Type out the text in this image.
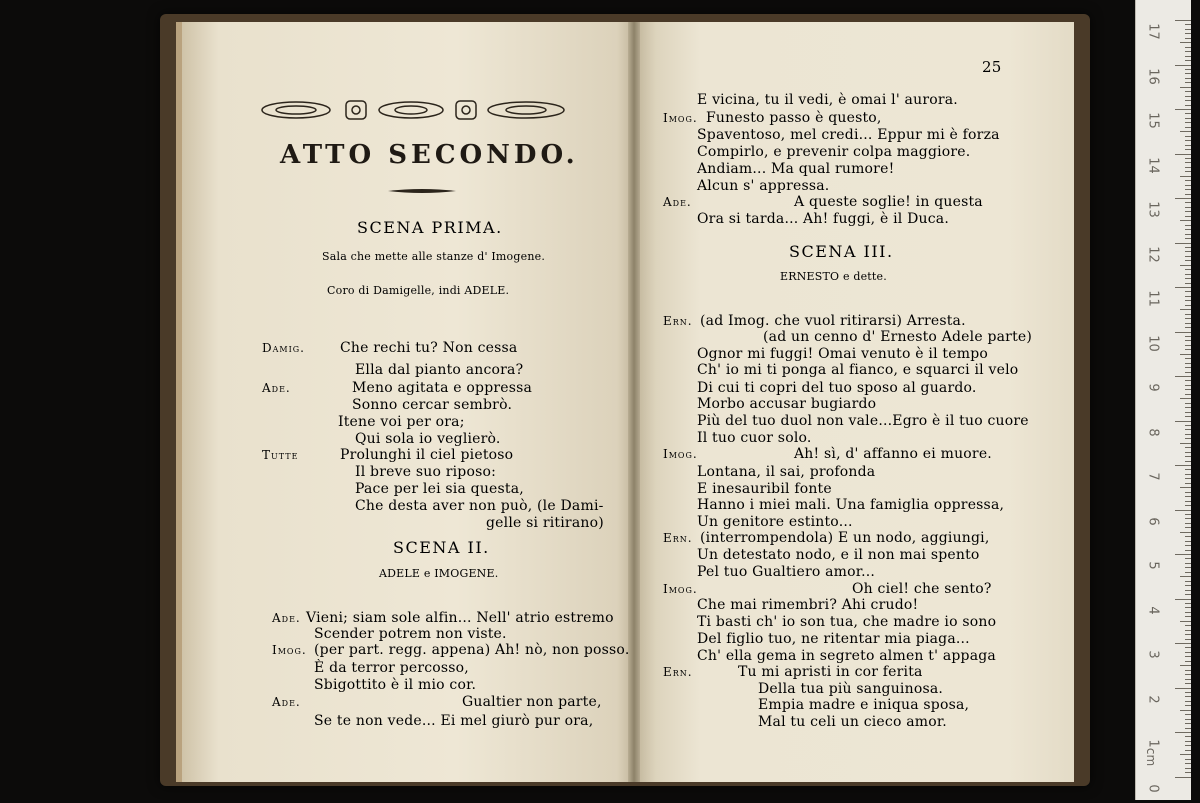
ATTO SECONDO.
SCENA PRIMA.
Sala che mette alle stanze d' Imogene.
Coro di Damigelle, indi ADELE.
Damig.	Che rechi tu? Non cessa
Ella dal pianto ancora?
Ade.	Meno agitata e oppressa
Sonno cercar sembrò.
Itene voi per ora;
Qui sola io veglierò.
Tutte	Prolunghi il ciel pietoso
Il breve suo riposo:
Pace per lei sia questa,
Che desta aver non può, (le Dami-
gelle si ritirano)
SCENA II.
ADELE e IMOGENE.
Ade. Vieni; siam sole alfin... Nell' atrio estremo
Scender potrem non viste.
Imog. (per part. regg. appena) Ah! nò, non posso.
È da terror percosso,
Sbigottito è il mio cor.
Ade.	Gualtier non parte,
Se te non vede... Ei mel giurò pur ora,
25
E vicina, tu il vedi, è omai l' aurora.
Imog. Funesto passo è questo,
Spaventoso, mel credi... Eppur mi è forza
Compirlo, e prevenir colpa maggiore.
Andiam... Ma qual rumore!
Alcun s' appressa.
Ade.	A queste soglie! in questa
Ora si tarda... Ah! fuggi, è il Duca.
SCENA III.
ERNESTO e dette.
Ern. (ad Imog. che vuol ritirarsi) Arresta.
(ad un cenno d' Ernesto Adele parte)
Ognor mi fuggi! Omai venuto è il tempo
Ch' io mi ti ponga al fianco, e squarci il velo
Di cui ti copri del tuo sposo al guardo.
Morbo accusar bugiardo
Più del tuo duol non vale...Egro è il tuo cuore
Il tuo cuor solo.
Imog.	Ah! sì, d' affanno ei muore.
Lontana, il sai, profonda
E inesauribil fonte
Hanno i miei mali. Una famiglia oppressa,
Un genitore estinto...
Ern. (interrompendola) E un nodo, aggiungi,
Un detestato nodo, e il non mai spento
Pel tuo Gualtiero amor...
Imog.	Oh ciel! che sento?
Che mai rimembri? Ahi crudo!
Ti basti ch' io son tua, che madre io sono
Del figlio tuo, ne ritentar mia piaga...
Ch' ella gema in segreto almen t' appaga
Ern.	Tu mi apristi in cor ferita
Della tua più sanguinosa.
Empia madre e iniqua sposa,
Mal tu celi un cieco amor.
17
16
15
14
13
12
11
10
9
8
7
6
5
4
3
2
1
0
cm
